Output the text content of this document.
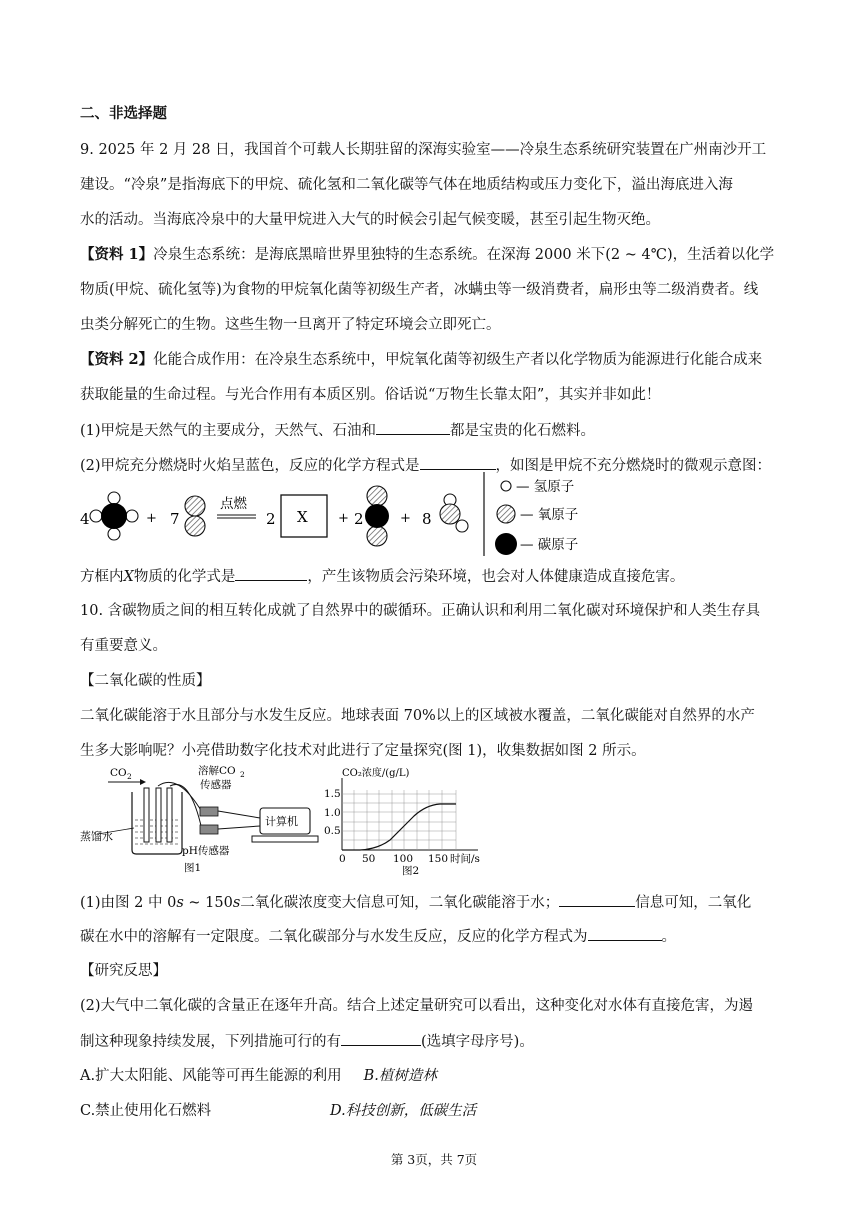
二、非选择题
9. 2025 年 2 月 28 日，我国首个可载人长期驻留的深海实验室——冷泉生态系统研究装置在广州南沙开工
建设。“冷泉”是指海底下的甲烷、硫化氢和二氧化碳等气体在地质结构或压力变化下，溢出海底进入海
水的活动。当海底冷泉中的大量甲烷进入大气的时候会引起气候变暖，甚至引起生物灭绝。
【资料 1】冷泉生态系统：是海底黑暗世界里独特的生态系统。在深海 2000 米下(2 ~ 4℃)，生活着以化学
物质(甲烷、硫化氢等)为食物的甲烷氧化菌等初级生产者，冰螨虫等一级消费者，扁形虫等二级消费者。线
虫类分解死亡的生物。这些生物一旦离开了特定环境会立即死亡。
【资料 2】化能合成作用：在冷泉生态系统中，甲烷氧化菌等初级生产者以化学物质为能源进行化能合成来
获取能量的生命过程。与光合作用有本质区别。俗话说“万物生长靠太阳”，其实并非如此！
(1)甲烷是天然气的主要成分，天然气、石油和	都是宝贵的化石燃料。
(2)甲烷充分燃烧时火焰呈蓝色，反应的化学方程式是	，如图是甲烷不充分燃烧时的微观示意图：
4	+ 7
点燃
2 X + 2	+ 8
— 氢原子
— 氧原子
— 碳原子
方框内X物质的化学式是	，产生该物质会污染环境，也会对人体健康造成直接危害。
10. 含碳物质之间的相互转化成就了自然界中的碳循环。正确认识和利用二氧化碳对环境保护和人类生存具
有重要意义。
【二氧化碳的性质】
二氧化碳能溶于水且部分与水发生反应。地球表面 70%以上的区域被水覆盖，二氧化碳能对自然界的水产
生多大影响呢？小亮借助数字化技术对此进行了定量探究(图 1)，收集数据如图 2 所示。
CO 2
蒸馏水
溶解CO 2
传感器
计算机
pH传感器
图1
CO₂浓度/(g/L)
1.5
1.0
0.5
0 50 100 150 时间/s
图2
(1)由图 2 中 0s ~ 150s二氧化碳浓度变大信息可知，二氧化碳能溶于水；	信息可知，二氧化
碳在水中的溶解有一定限度。二氧化碳部分与水发生反应，反应的化学方程式为	。
【研究反思】
(2)大气中二氧化碳的含量正在逐年升高。结合上述定量研究可以看出，这种变化对水体有直接危害，为遏
制这种现象持续发展，下列措施可行的有	(选填字母序号)。
A.扩大太阳能、风能等可再生能源的利用 B.植树造林
C.禁止使用化石燃料	D.科技创新，低碳生活
第 3页，共 7页
